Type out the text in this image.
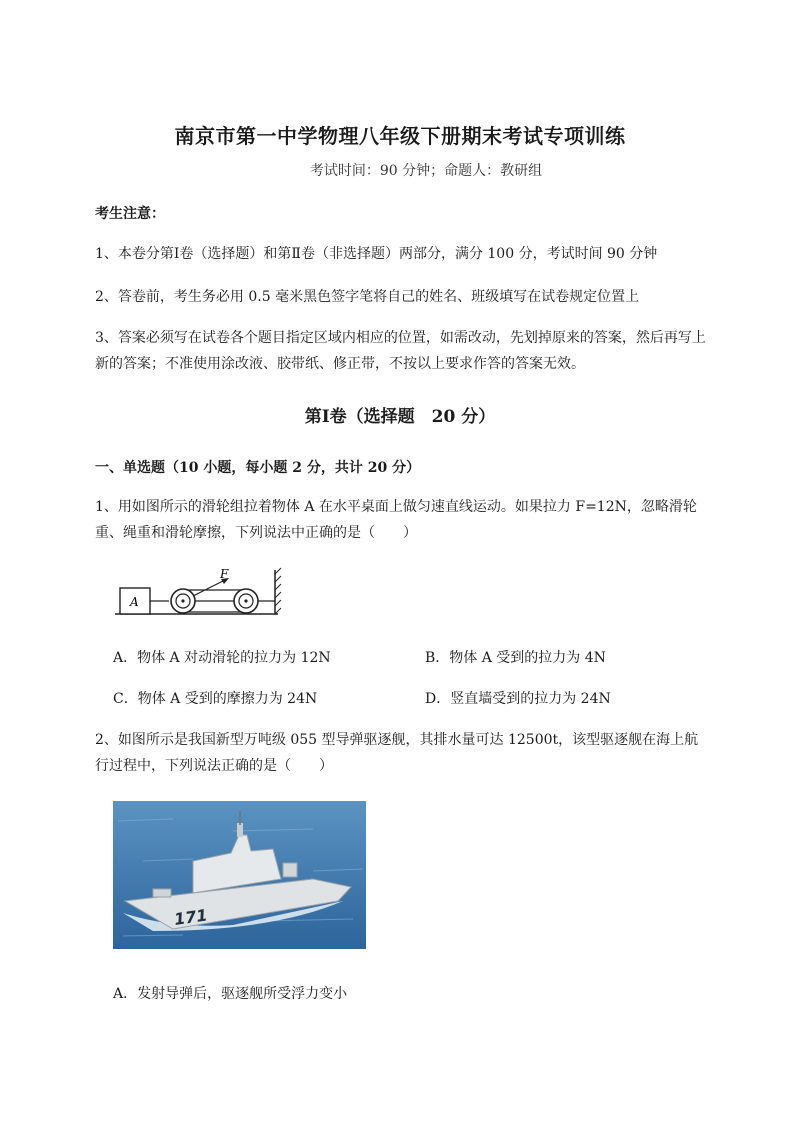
南京市第一中学物理八年级下册期末考试专项训练
考试时间：90 分钟；命题人：教研组
考生注意：
1、本卷分第Ⅰ卷（选择题）和第Ⅱ卷（非选择题）两部分，满分 100 分，考试时间 90 分钟
2、答卷前，考生务必用 0.5 毫米黑色签字笔将自己的姓名、班级填写在试卷规定位置上
3、答案必须写在试卷各个题目指定区域内相应的位置，如需改动，先划掉原来的答案，然后再写上新的答案；不准使用涂改液、胶带纸、修正带，不按以上要求作答的答案无效。
第Ⅰ卷（选择题　20 分）
一、单选题（10 小题，每小题 2 分，共计 20 分）
1、用如图所示的滑轮组拉着物体 A 在水平桌面上做匀速直线运动。如果拉力 F=12N，忽略滑轮重、绳重和滑轮摩擦，下列说法中正确的是（　　）
A
F
A．物体 A 对动滑轮的拉力为 12N	B．物体 A 受到的拉力为 4N
C．物体 A 受到的摩擦力为 24N	D．竖直墙受到的拉力为 24N
2、如图所示是我国新型万吨级 055 型导弹驱逐舰，其排水量可达 12500t，该型驱逐舰在海上航行过程中，下列说法正确的是（　　）
171
A．发射导弹后，驱逐舰所受浮力变小
